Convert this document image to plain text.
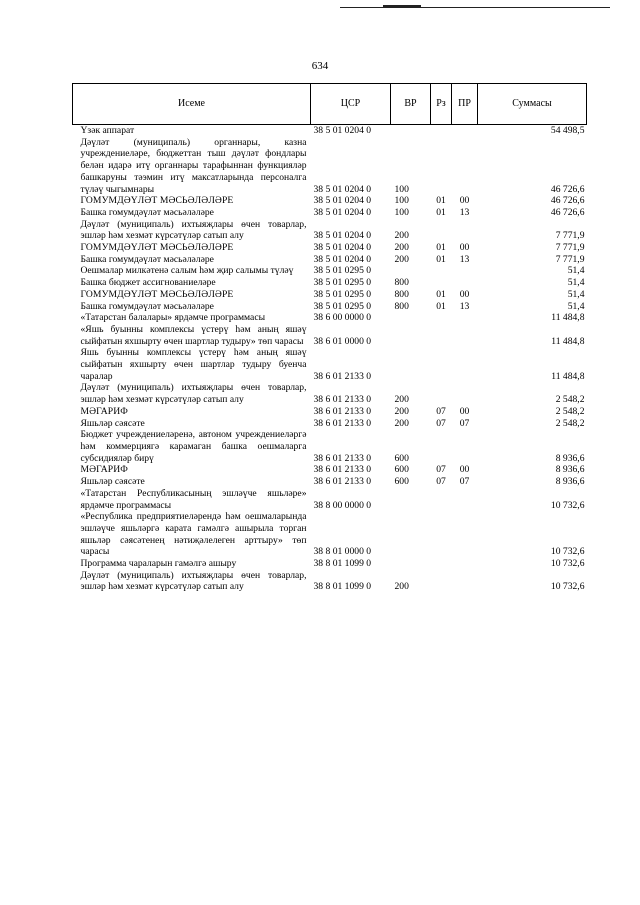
634
Исеме	ЦСР	ВР	Рз	ПР	Суммасы
Үзәк аппарат	38 5 01 0204 0				54 498,5
Дәүләт (муниципаль) органнары, казна учреждениеләре, бюджеттан тыш дәүләт фондлары белән идарә итү органнары тарафыннан функцияләр башкаруны тәэмин итү максатларында персоналга түләү чыгымнары	38 5 01 0204 0	100			46 726,6
ГОМУМДӘҮЛӘТ МӘСЬӘЛӘЛӘРЕ	38 5 01 0204 0	100	01	00	46 726,6
Башка гомумдәүләт мәсьәләләре	38 5 01 0204 0	100	01	13	46 726,6
Дәүләт (муниципаль) ихтыяҗлары өчен товарлар, эшләр һәм хезмәт күрсәтүләр сатып алу	38 5 01 0204 0	200			7 771,9
ГОМУМДӘҮЛӘТ МӘСЬӘЛӘЛӘРЕ	38 5 01 0204 0	200	01	00	7 771,9
Башка гомумдәүләт мәсьәләләре	38 5 01 0204 0	200	01	13	7 771,9
Оешмалар милкәтенә салым һәм җир салымы түләү	38 5 01 0295 0				51,4
Башка бюджет ассигнованиеләре	38 5 01 0295 0	800			51,4
ГОМУМДӘҮЛӘТ МӘСЬӘЛӘЛӘРЕ	38 5 01 0295 0	800	01	00	51,4
Башка гомумдәүләт мәсьәләләре	38 5 01 0295 0	800	01	13	51,4
«Татарстан балалары» ярдәмче программасы	38 6 00 0000 0				11 484,8
«Яшь буынны комплексы үстерү һәм аның яшәү сыйфатын яхшырту өчен шартлар тудыру» төп чарасы	38 6 01 0000 0				11 484,8
Яшь буынны комплексы үстерү һәм аның яшәү сыйфатын яхшырту өчен шартлар тудыру буенча чаралар	38 6 01 2133 0				11 484,8
Дәүләт (муниципаль) ихтыяҗлары өчен товарлар, эшләр һәм хезмәт күрсәтүләр сатып алу	38 6 01 2133 0	200			2 548,2
МӘГАРИФ	38 6 01 2133 0	200	07	00	2 548,2
Яшьләр сәясәте	38 6 01 2133 0	200	07	07	2 548,2
Бюджет учреждениеләренә, автоном учреждениеләргә һәм коммерциягә карамаган башка оешмаларга субсидияләр бирү	38 6 01 2133 0	600			8 936,6
МӘГАРИФ	38 6 01 2133 0	600	07	00	8 936,6
Яшьләр сәясәте	38 6 01 2133 0	600	07	07	8 936,6
«Татарстан Республикасының эшләүче яшьләре» ярдәмче программасы	38 8 00 0000 0				10 732,6
«Республика предприятиеләрендә һәм оешмаларында эшләүче яшьләргә карата гамәлгә ашырыла торган яшьләр сәясәтенең нәтиҗәлелеген арттыру» төп чарасы	38 8 01 0000 0				10 732,6
Программа чараларын гамәлгә ашыру	38 8 01 1099 0				10 732,6
Дәүләт (муниципаль) ихтыяҗлары өчен товарлар, эшләр һәм хезмәт күрсәтүләр сатып алу	38 8 01 1099 0	200			10 732,6
